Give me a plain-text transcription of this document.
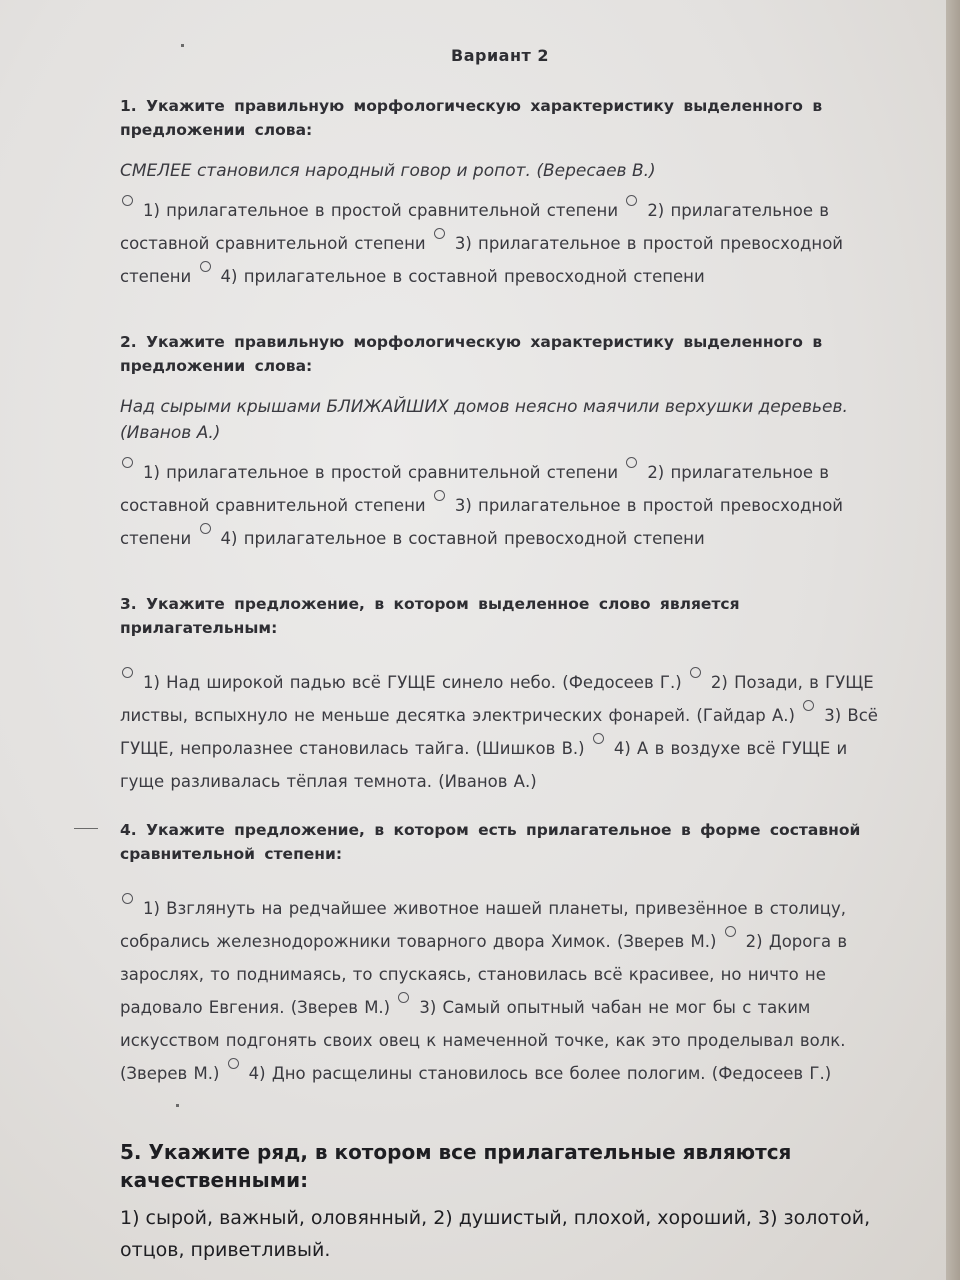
Вариант 2
1. Укажите правильную морфологическую характеристику выделенного в предложении слова:
СМЕЛЕЕ становился народный говор и ропот. (Вересаев В.)
1) прилагательное в простой сравнительной степени 2) прилагательное в составной сравнительной степени 3) прилагательное в простой превосходной степени 4) прилагательное в составной превосходной степени
2. Укажите правильную морфологическую характеристику выделенного в предложении слова:
Над сырыми крышами БЛИЖАЙШИХ домов неясно маячили верхушки деревьев. (Иванов А.)
1) прилагательное в простой сравнительной степени 2) прилагательное в составной сравнительной степени 3) прилагательное в простой превосходной степени 4) прилагательное в составной превосходной степени
3. Укажите предложение, в котором выделенное слово является прилагательным:
1) Над широкой падью всё ГУЩЕ синело небо. (Федосеев Г.) 2) Позади, в ГУЩЕ листвы, вспыхнуло не меньше десятка электрических фонарей. (Гайдар А.) 3) Всё ГУЩЕ, непролазнее становилась тайга. (Шишков В.) 4) А в воздухе всё ГУЩЕ и гуще разливалась тёплая темнота. (Иванов А.)
4. Укажите предложение, в котором есть прилагательное в форме составной сравнительной степени:
1) Взглянуть на редчайшее животное нашей планеты, привезённое в столицу, собрались железнодорожники товарного двора Химок. (Зверев М.) 2) Дорога в зарослях, то поднимаясь, то спускаясь, становилась всё красивее, но ничто не радовало Евгения. (Зверев М.) 3) Самый опытный чабан не мог бы с таким искусством подгонять своих овец к намеченной точке, как это проделывал волк. (Зверев М.) 4) Дно расщелины становилось все более пологим. (Федосеев Г.)
5. Укажите ряд, в котором все прилагательные являются качественными:
1) сырой, важный, оловянный, 2) душистый, плохой, хороший, 3) золотой, отцов, приветливый.
